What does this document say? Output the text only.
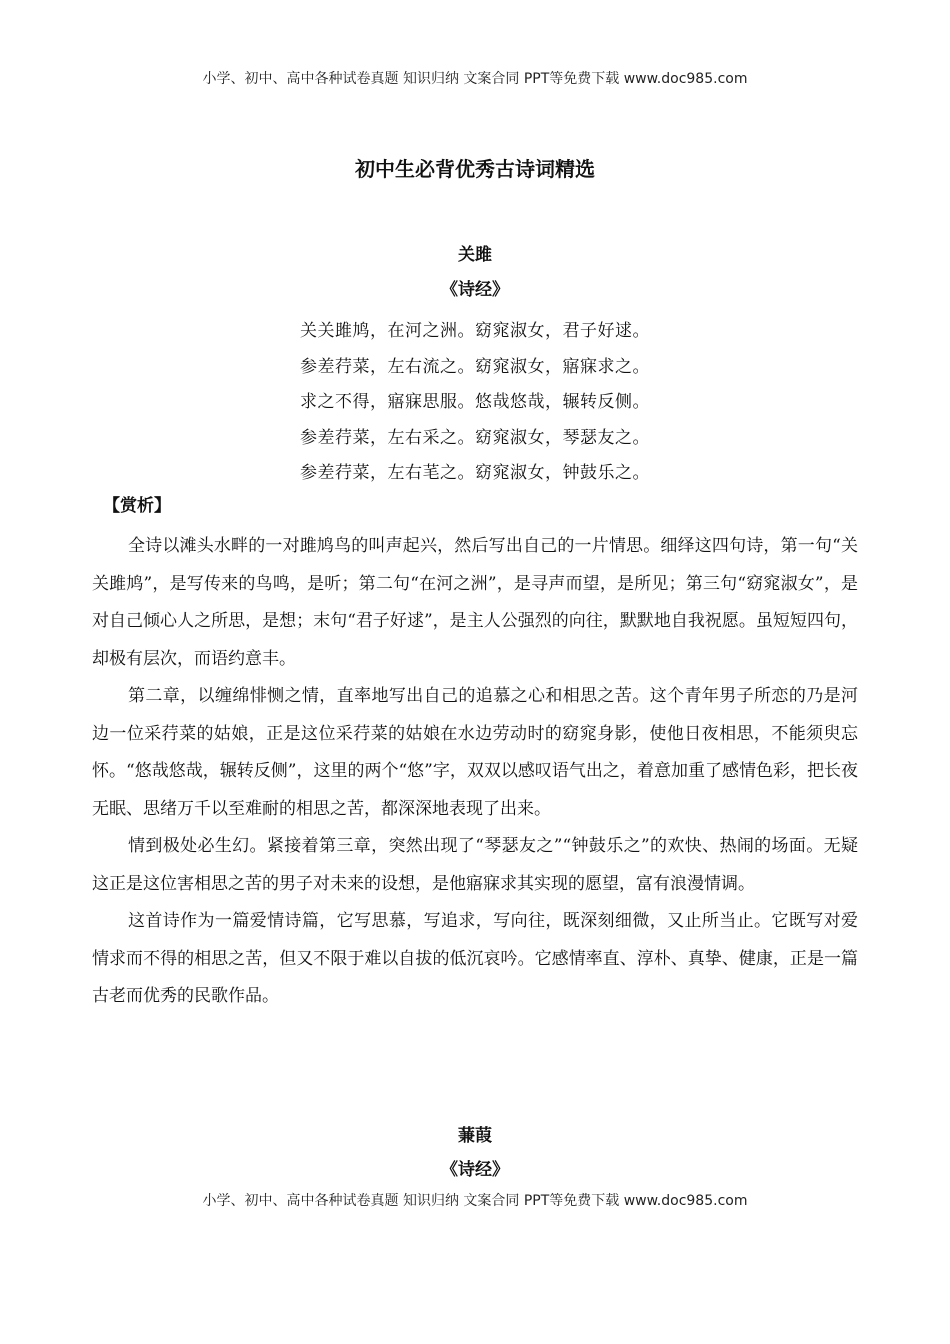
小学、初中、高中各种试卷真题 知识归纳 文案合同 PPT等免费下载 www.doc985.com
初中生必背优秀古诗词精选
关雎
《诗经》
关关雎鸠，在河之洲。窈窕淑女，君子好逑。
参差荇菜，左右流之。窈窕淑女，寤寐求之。
求之不得，寤寐思服。悠哉悠哉，辗转反侧。
参差荇菜，左右采之。窈窕淑女，琴瑟友之。
参差荇菜，左右芼之。窈窕淑女，钟鼓乐之。
【赏析】

全诗以滩头水畔的一对雎鸠鸟的叫声起兴，然后写出自己的一片情思。细绎这四句诗，第一句“关关雎鸠”，是写传来的鸟鸣，是听；第二句“在河之洲”，是寻声而望，是所见；第三句“窈窕淑女”，是对自己倾心人之所思，是想；末句“君子好逑”，是主人公强烈的向往，默默地自我祝愿。虽短短四句，却极有层次，而语约意丰。

第二章，以缠绵悱恻之情，直率地写出自己的追慕之心和相思之苦。这个青年男子所恋的乃是河边一位采荇菜的姑娘，正是这位采荇菜的姑娘在水边劳动时的窈窕身影，使他日夜相思，不能须臾忘怀。“悠哉悠哉，辗转反侧”，这里的两个“悠”字，双双以感叹语气出之，着意加重了感情色彩，把长夜无眠、思绪万千以至难耐的相思之苦，都深深地表现了出来。

情到极处必生幻。紧接着第三章，突然出现了“琴瑟友之”“钟鼓乐之”的欢快、热闹的场面。无疑这正是这位害相思之苦的男子对未来的设想，是他寤寐求其实现的愿望，富有浪漫情调。

这首诗作为一篇爱情诗篇，它写思慕，写追求，写向往，既深刻细微，又止所当止。它既写对爱情求而不得的相思之苦，但又不限于难以自拔的低沉哀吟。它感情率直、淳朴、真挚、健康，正是一篇古老而优秀的民歌作品。

蒹葭
《诗经》
小学、初中、高中各种试卷真题 知识归纳 文案合同 PPT等免费下载 www.doc985.com
